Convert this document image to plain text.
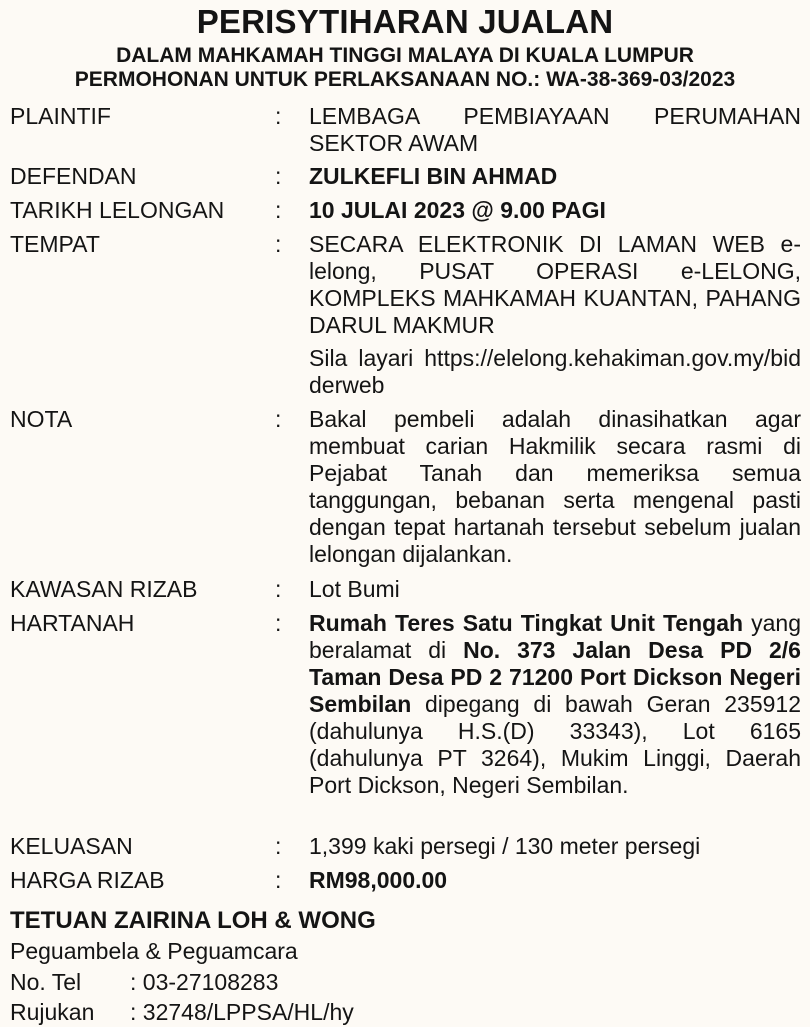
PERISYTIHARAN JUALAN
DALAM MAHKAMAH TINGGI MALAYA DI KUALA LUMPUR
PERMOHONAN UNTUK PERLAKSANAAN NO.: WA-38-369-03/2023
PLAINTIF	: LEMBAGA PEMBIAYAAN PERUMAHAN SEKTOR AWAM
DEFENDAN	: ZULKEFLI BIN AHMAD
TARIKH LELONGAN : 10 JULAI 2023 @ 9.00 PAGI
TEMPAT	: SECARA ELEKTRONIK DI LAMAN WEB e-lelong, PUSAT OPERASI e-LELONG, KOMPLEKS MAHKAMAH KUANTAN, PAHANG DARUL MAKMUR
Sila layari https://elelong.kehakiman.gov.my/bidderweb
NOTA	: Bakal pembeli adalah dinasihatkan agar membuat carian Hakmilik secara rasmi di Pejabat Tanah dan memeriksa semua tanggungan, bebanan serta mengenal pasti dengan tepat hartanah tersebut sebelum jualan lelongan dijalankan.
KAWASAN RIZAB	: Lot Bumi
HARTANAH	: Rumah Teres Satu Tingkat Unit Tengah yang beralamat di No. 373 Jalan Desa PD 2/6 Taman Desa PD 2 71200 Port Dickson Negeri Sembilan dipegang di bawah Geran 235912 (dahulunya H.S.(D) 33343), Lot 6165 (dahulunya PT 3264), Mukim Linggi, Daerah Port Dickson, Negeri Sembilan.
KELUASAN	: 1,399 kaki persegi / 130 meter persegi
HARGA RIZAB	: RM98,000.00
TETUAN ZAIRINA LOH & WONG
Peguambela & Peguamcara
No. Tel : 03-27108283
Rujukan : 32748/LPPSA/HL/hy
